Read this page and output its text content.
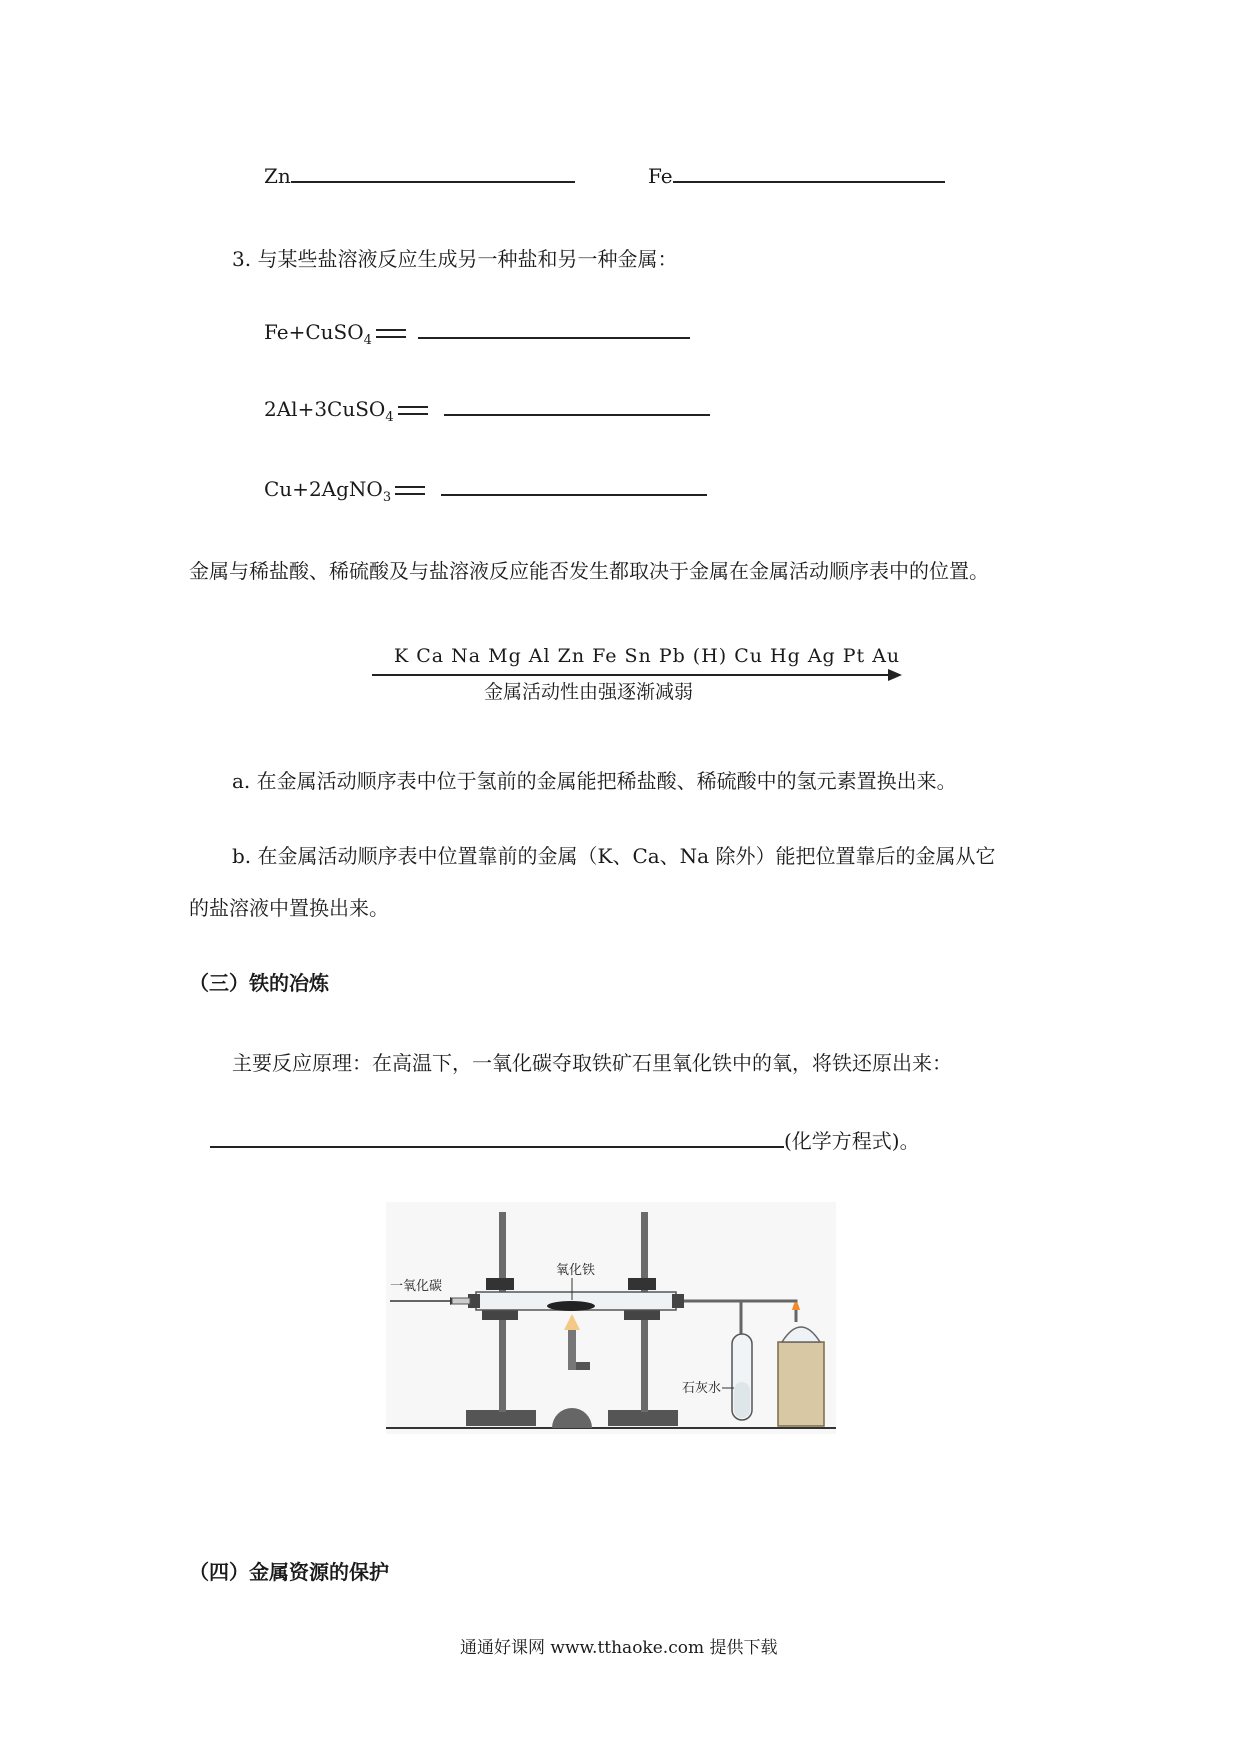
Zn	Fe
3. 与某些盐溶液反应生成另一种盐和另一种金属：
Fe+CuSO$_4$
2Al+3CuSO$_4$
Cu+2AgNO$_3$
金属与稀盐酸、稀硫酸及与盐溶液反应能否发生都取决于金属在金属活动顺序表中的位置。
K Ca Na Mg Al Zn Fe Sn Pb (H) Cu Hg Ag Pt Au
金属活动性由强逐渐减弱
a. 在金属活动顺序表中位于氢前的金属能把稀盐酸、稀硫酸中的氢元素置换出来。
b. 在金属活动顺序表中位置靠前的金属（K、Ca、Na 除外）能把位置靠后的金属从它
的盐溶液中置换出来。
（三）铁的冶炼
主要反应原理：在高温下，一氧化碳夺取铁矿石里氧化铁中的氧，将铁还原出来：
(化学方程式)。
一氧化碳
氧化铁
石灰水
（四）金属资源的保护
通通好课网 www.tthaoke.com 提供下载
